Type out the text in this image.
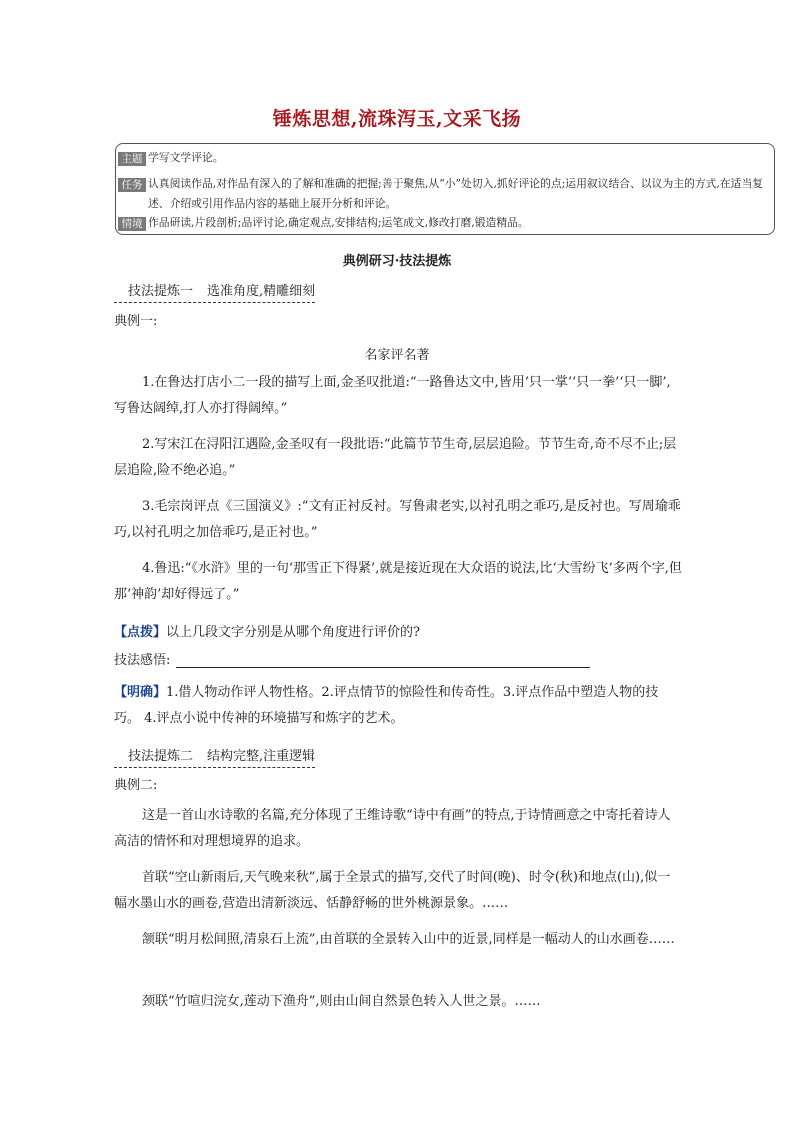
锤炼思想,流珠泻玉,文采飞扬
主题 学写文学评论。
任务 认真阅读作品,对作品有深入的了解和准确的把握;善于聚焦,从“小”处切入,抓好评论的点;运用叙议结合、以议为主的方式,在适当复述、介绍或引用作品内容的基础上展开分析和评论。
情境 作品研读,片段剖析;品评讨论,确定观点,安排结构;运笔成文,修改打磨,锻造精品。
典例研习·技法提炼
技法提炼一 选准角度,精雕细刻
典例一:
名家评名著
1.在鲁达打店小二一段的描写上面,金圣叹批道:“一路鲁达文中,皆用‘只一掌’‘只一拳’‘只一脚’,写鲁达阔绰,打人亦打得阔绰。”
2.写宋江在浔阳江遇险,金圣叹有一段批语:“此篇节节生奇,层层追险。节节生奇,奇不尽不止;层层追险,险不绝必追。”
3.毛宗岗评点《三国演义》:“文有正衬反衬。写鲁肃老实,以衬孔明之乖巧,是反衬也。写周瑜乖巧,以衬孔明之加倍乖巧,是正衬也。”
4.鲁迅:“《水浒》里的一句‘那雪正下得紧’,就是接近现在大众语的说法,比‘大雪纷飞’多两个字,但那‘神韵’却好得远了。”
【点拨】以上几段文字分别是从哪个角度进行评价的?
技法感悟:
【明确】1.借人物动作评人物性格。2.评点情节的惊险性和传奇性。3.评点作品中塑造人物的技巧。 4.评点小说中传神的环境描写和炼字的艺术。
技法提炼二 结构完整,注重逻辑
典例二:
这是一首山水诗歌的名篇,充分体现了王维诗歌“诗中有画”的特点,于诗情画意之中寄托着诗人高洁的情怀和对理想境界的追求。
首联“空山新雨后,天气晚来秋”,属于全景式的描写,交代了时间(晚)、时令(秋)和地点(山),似一幅水墨山水的画卷,营造出清新淡远、恬静舒畅的世外桃源景象。……
颔联“明月松间照,清泉石上流”,由首联的全景转入山中的近景,同样是一幅动人的山水画卷……
颈联“竹喧归浣女,莲动下渔舟”,则由山间自然景色转入人世之景。……
